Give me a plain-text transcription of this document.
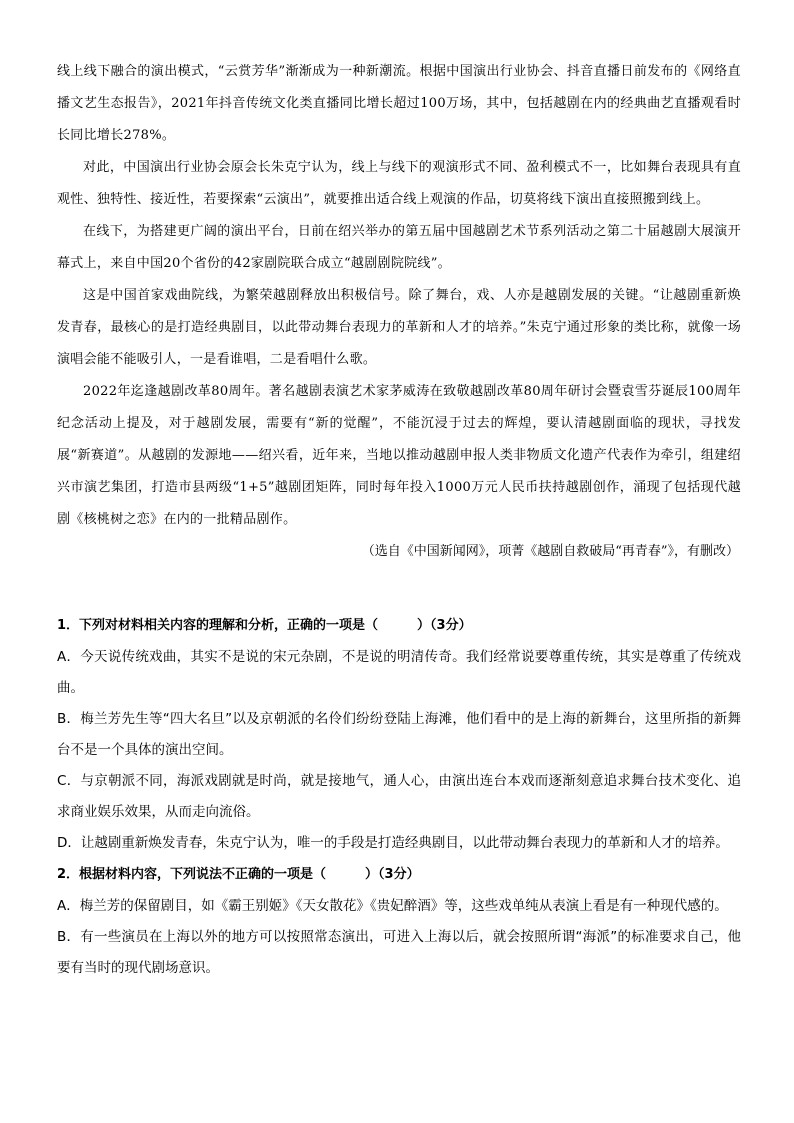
线上线下融合的演出模式，“云赏芳华”渐渐成为一种新潮流。根据中国演出行业协会、抖音直播日前发布的《网络直播文艺生态报告》，2021年抖音传统文化类直播同比增长超过100万场，其中，包括越剧在内的经典曲艺直播观看时长同比增长278%。

对此，中国演出行业协会原会长朱克宁认为，线上与线下的观演形式不同、盈利模式不一，比如舞台表现具有直观性、独特性、接近性，若要探索“云演出”，就要推出适合线上观演的作品，切莫将线下演出直接照搬到线上。

在线下，为搭建更广阔的演出平台，日前在绍兴举办的第五届中国越剧艺术节系列活动之第二十届越剧大展演开幕式上，来自中国20个省份的42家剧院联合成立“越剧剧院院线”。

这是中国首家戏曲院线，为繁荣越剧释放出积极信号。除了舞台，戏、人亦是越剧发展的关键。“让越剧重新焕发青春，最核心的是打造经典剧目，以此带动舞台表现力的革新和人才的培养。”朱克宁通过形象的类比称，就像一场演唱会能不能吸引人，一是看谁唱，二是看唱什么歌。

2022年迄逢越剧改革80周年。著名越剧表演艺术家茅威涛在致敬越剧改革80周年研讨会暨袁雪芬诞辰100周年纪念活动上提及，对于越剧发展，需要有“新的觉醒”，不能沉浸于过去的辉煌，要认清越剧面临的现状，寻找发展“新赛道”。从越剧的发源地——绍兴看，近年来，当地以推动越剧申报人类非物质文化遗产代表作为牵引，组建绍兴市演艺集团，打造市县两级“1+5”越剧团矩阵，同时每年投入1000万元人民币扶持越剧创作，涌现了包括现代越剧《核桃树之恋》在内的一批精品剧作。

（选自《中国新闻网》，项菁《越剧自救破局“再青春”》，有删改）

1．下列对材料相关内容的理解和分析，正确的一项是（　　　）（3分）

A．今天说传统戏曲，其实不是说的宋元杂剧，不是说的明清传奇。我们经常说要尊重传统，其实是尊重了传统戏曲。

B．梅兰芳先生等“四大名旦”以及京朝派的名伶们纷纷登陆上海滩，他们看中的是上海的新舞台，这里所指的新舞台不是一个具体的演出空间。

C．与京朝派不同，海派戏剧就是时尚，就是接地气，通人心，由演出连台本戏而逐渐刻意追求舞台技术变化、追求商业娱乐效果，从而走向流俗。

D．让越剧重新焕发青春，朱克宁认为，唯一的手段是打造经典剧目，以此带动舞台表现力的革新和人才的培养。

2．根据材料内容，下列说法不正确的一项是（　　　）（3分）

A．梅兰芳的保留剧目，如《霸王别姬》《天女散花》《贵妃醉酒》等，这些戏单纯从表演上看是有一种现代感的。

B．有一些演员在上海以外的地方可以按照常态演出，可进入上海以后，就会按照所谓“海派”的标准要求自己，他要有当时的现代剧场意识。
